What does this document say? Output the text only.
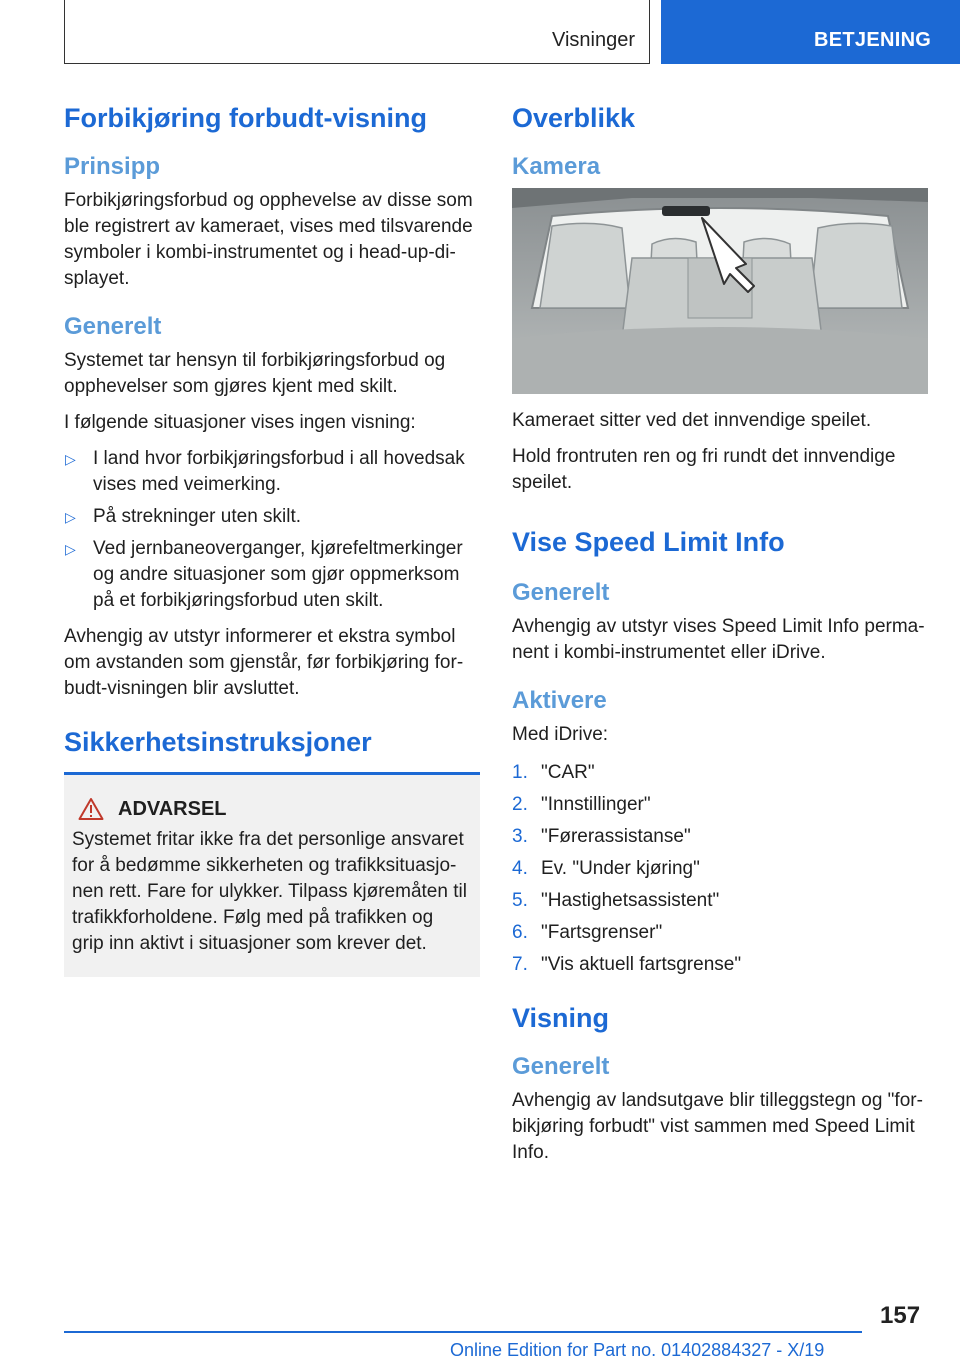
Visninger	BETJENING
Forbikjøring forbudt-visning
Prinsipp

Forbikjøringsforbud og opphevelse av disse som ble registrert av kameraet, vises med tilsvarende symboler i kombi-instrumentet og i head-up-di-splayet.

Generelt

Systemet tar hensyn til forbikjøringsforbud og opphevelser som gjøres kjent med skilt.

I følgende situasjoner vises ingen visning:

▷ I land hvor forbikjøringsforbud i all hovedsak vises med veimerking.
▷ På strekninger uten skilt.
▷ Ved jernbaneoverganger, kjørefeltmerkinger og andre situasjoner som gjør oppmerksom på et forbikjøringsforbud uten skilt.

Avhengig av utstyr informerer et ekstra symbol om avstanden som gjenstår, før forbikjøring for-budt-visningen blir avsluttet.

Sikkerhetsinstruksjoner
ADVARSEL

Systemet fritar ikke fra det personlige ansvaret for å bedømme sikkerheten og trafikksituasjo-nen rett. Fare for ulykker. Tilpass kjøremåten til trafikkforholdene. Følg med på trafikken og grip inn aktivt i situasjoner som krever det.

Overblikk
Kamera

Kameraet sitter ved det innvendige speilet.

Hold frontruten ren og fri rundt det innvendige speilet.

Vise Speed Limit Info
Generelt

Avhengig av utstyr vises Speed Limit Info perma-nent i kombi-instrumentet eller iDrive.

Aktivere

Med iDrive:

1. "CAR"
2. "Innstillinger"
3. "Førerassistanse"
4. Ev. "Under kjøring"
5. "Hastighetsassistent"
6. "Fartsgrenser"
7. "Vis aktuell fartsgrense"
Visning
Generelt

Avhengig av landsutgave blir tilleggstegn og "for-bikjøring forbudt" vist sammen med Speed Limit Info.

157
Online Edition for Part no. 01402884327 - X/19
